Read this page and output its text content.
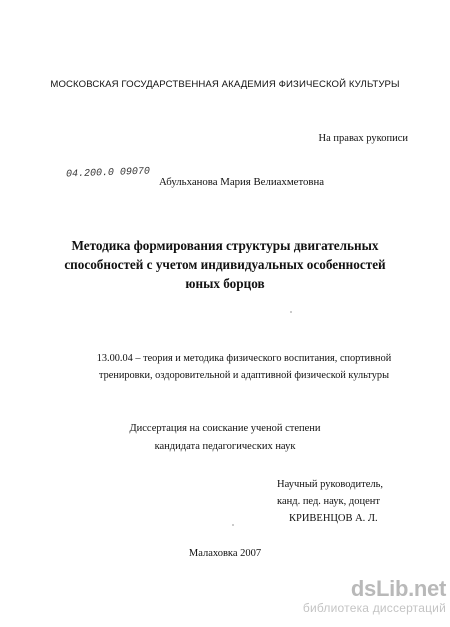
МОСКОВСКАЯ ГОСУДАРСТВЕННАЯ АКАДЕМИЯ ФИЗИЧЕСКОЙ КУЛЬТУРЫ
На правах рукописи
04.200.0 09070
Абульханова Мария Велиахметовна
Методика формирования структуры двигательных
способностей с учетом индивидуальных особенностей
юных борцов
13.00.04 – теория и методика физического воспитания, спортивной
тренировки, оздоровительной и адаптивной физической культуры
Диссертация на соискание ученой степени
кандидата педагогических наук
Научный руководитель,
канд. пед. наук, доцент
КРИВЕНЦОВ А. Л.
Малаховка 2007
dsLib.net
библиотека диссертаций
